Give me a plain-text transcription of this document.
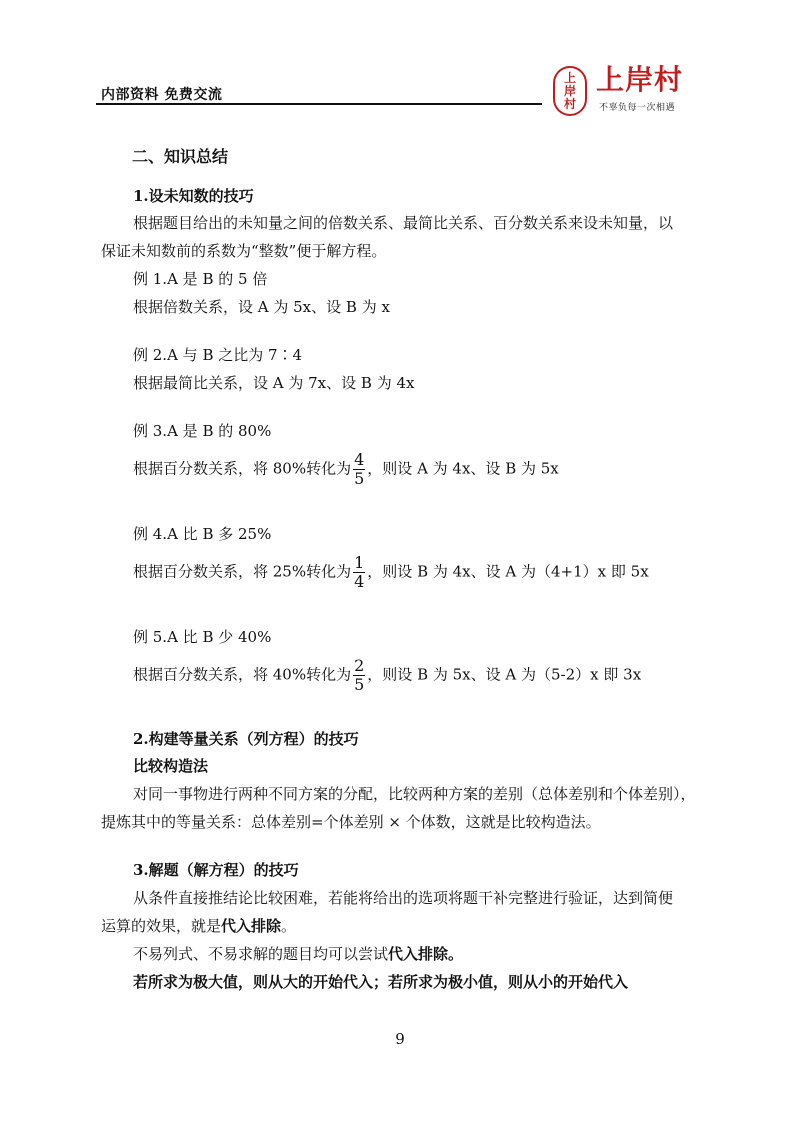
内部资料 免费交流
上
岸
村
上岸村
不辜负每一次相遇
二、知识总结
1.设未知数的技巧
根据题目给出的未知量之间的倍数关系、最简比关系、百分数关系来设未知量，以
保证未知数前的系数为“整数”便于解方程。
例 1.A 是 B 的 5 倍
根据倍数关系，设 A 为 5x、设 B 为 x
例 2.A 与 B 之比为 7∶4
根据最简比关系，设 A 为 7x、设 B 为 4x
例 3.A 是 B 的 80%
根据百分数关系，将 80%转化为 $\frac{4}{5}$ ，则设 A 为 4x、设 B 为 5x
例 4.A 比 B 多 25%
根据百分数关系，将 25%转化为 $\frac{1}{4}$ ，则设 B 为 4x、设 A 为（4+1）x 即 5x
例 5.A 比 B 少 40%
根据百分数关系，将 40%转化为 $\frac{2}{5}$ ，则设 B 为 5x、设 A 为（5-2）x 即 3x
2.构建等量关系（列方程）的技巧
比较构造法
对同一事物进行两种不同方案的分配，比较两种方案的差别（总体差别和个体差别），
提炼其中的等量关系：总体差别=个体差别 × 个体数，这就是比较构造法。
3.解题（解方程）的技巧
从条件直接推结论比较困难，若能将给出的选项将题干补完整进行验证，达到简便
运算的效果，就是代入排除。
不易列式、不易求解的题目均可以尝试代入排除。
若所求为极大值，则从大的开始代入；若所求为极小值，则从小的开始代入
9
